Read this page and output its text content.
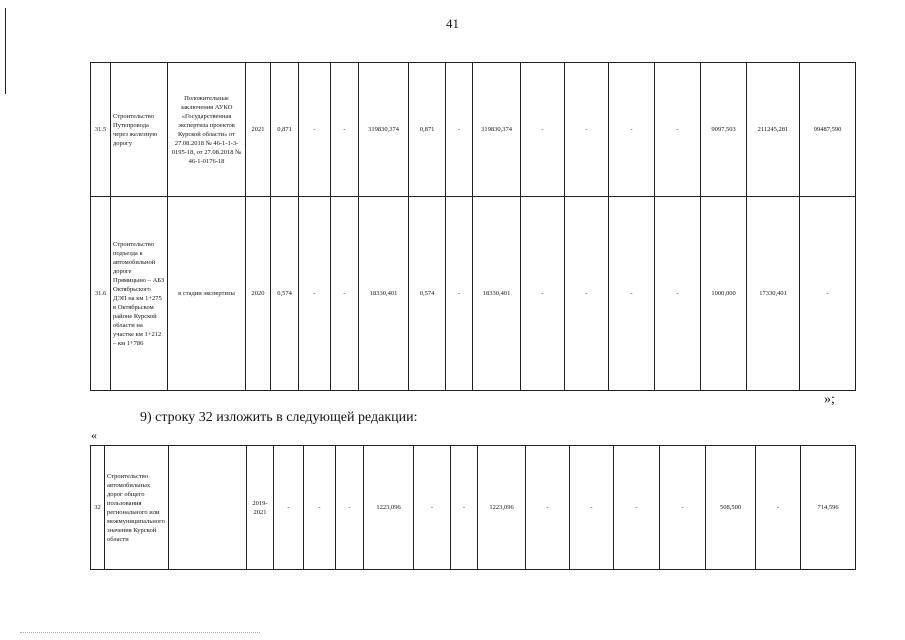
41
31.5	Строительство Путепровода через железную дорогу	Положительные заключения АУКО «Государственная экспертиза проектов Курской области» от 27.08.2018 № 46-1-1-3-0195-18, от 27.08.2018 № 46-1-0176-18	2021	0,871	-	-	319830,374	0,871	-	319830,374	-	-	-	-	9097,503	211245,281	99487,590
31.6	Строительство подъезда к автомобильной дороге Прямицыно – АБЗ Октябрьского ДЭП на км 1+275 в Октябрьском районе Курской области на участке км 1+212 – км 1+786	в стадии экспертизы	2020	0,574	-	-	18330,401	0,574	-	18330,401	-	-	-	-	1000,000	17330,401	-
»;
9) строку 32 изложить в следующей редакции:
«
32	Строительство автомобильных дорог общего пользования регионального или межмуниципального значения Курской области		2019-2021	-	-	-	1223,096	-	-	1223,096	-	-	-	-	508,500	-	714,596
